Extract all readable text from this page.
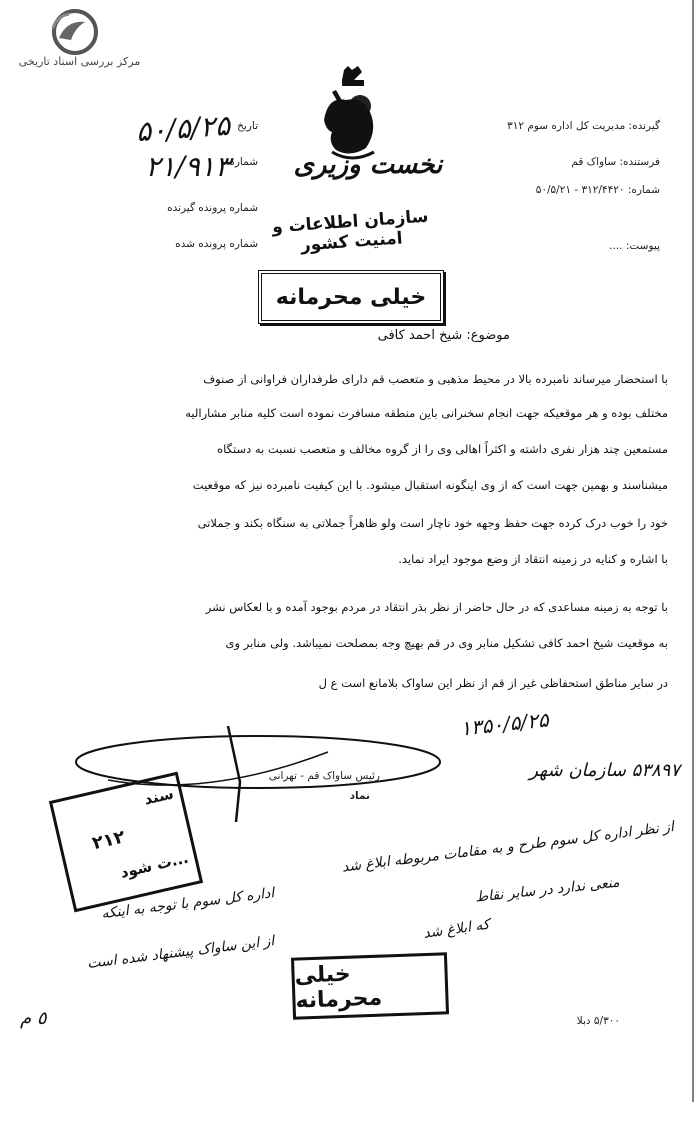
مرکز بررسی اسناد تاریخی
گیرنده: مدیریت کل اداره سوم ۳۱۲
فرستنده: ساواک قم
شماره: ۳۱۲/۴۴۲۰ - ۵۰/۵/۲۱
پیوست: ....
تاریخ
شماره
شماره پرونده گیرنده
شماره پرونده شده
۵۰/۵/۲۵
۲۱/۹۱۳	نخست وزیری
سازمان اطلاعات و امنیت کشور
خیلی محرمانه
موضوع: شیخ احمد کافی
با استحضار میرساند نامبرده بالا در محیط مذهبی و متعصب قم دارای طرفداران فراوانی از صنوف
مختلف بوده و هر موقعیکه جهت انجام سخنرانی باین منطقه مسافرت نموده است کلیه منابر مشارالیه
مستمعین چند هزار نفری داشته و اکثراً اهالی وی را از گروه مخالف و متعصب نسبت به دستگاه
میشناسند و بهمین جهت است که از وی اینگونه استقبال میشود. با این کیفیت نامبرده نیز که موقعیت
خود را خوب درک کرده جهت حفظ وجهه خود ناچار است ولو ظاهراً جملاتی به سنگاه بکند و جملاتی
با اشاره و کنایه در زمینه انتقاد از وضع موجود ایراد نماید.
با توجه به زمینه مساعدی که در حال حاضر از نظر بذر انتقاد در مردم بوجود آمده و با لعکاس نشر
به موقعیت شیخ احمد کافی تشکیل منابر وی در قم بهیچ وجه بمصلحت نمیباشد. ولی منابر وی
در سایر مناطق استحفاظی غیر از قم از نظر این ساواک بلامانع است ع ل
رئیس ساواک قم - تهرانی
نماد
سند
۲۱۲
...ت شود
۱۳۵۰/۵/۲۵
۵۳۸۹۷ سازمان شهر
از نظر اداره کل سوم طرح و به مقامات مربوطه ابلاغ شد
منعی ندارد در سایر نقاط
که ابلاغ شد
اداره کل سوم با توجه به اینکه
از این ساواک پیشنهاد شده است
٥ م
خیلی محرمانه
۵/۳۰۰ دبلا
